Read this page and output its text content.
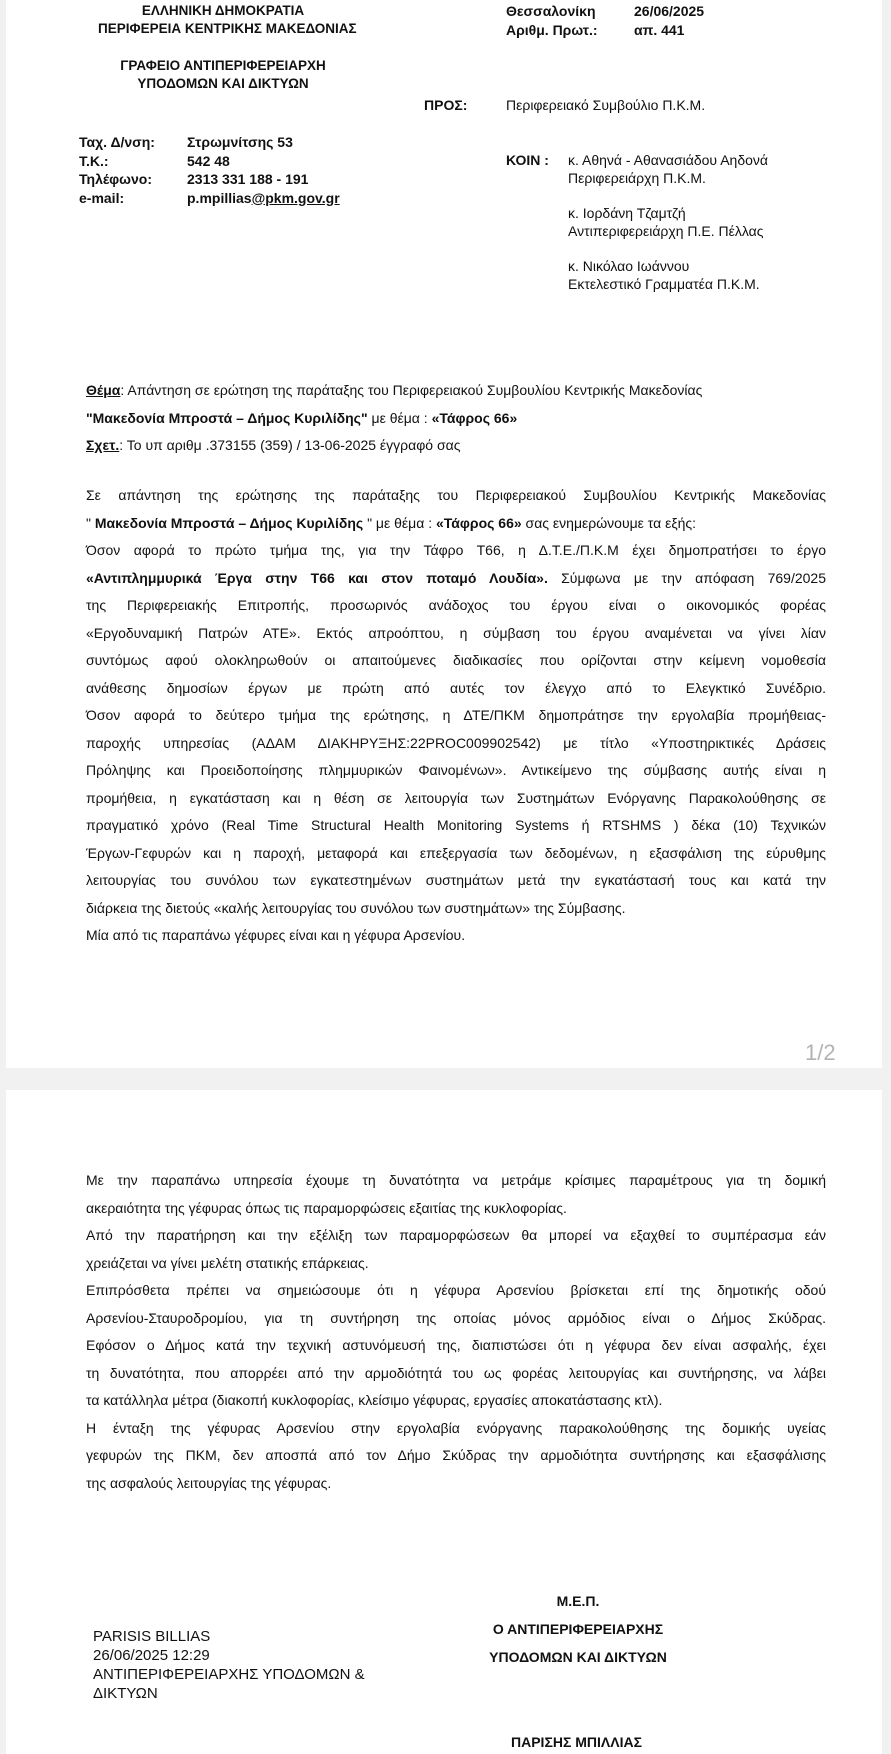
ΕΛΛΗΝΙΚΗ ΔΗΜΟΚΡΑΤΙΑ
ΠΕΡΙΦΕΡΕΙΑ ΚΕΝΤΡΙΚΗΣ ΜΑΚΕΔΟΝΙΑΣ
ΓΡΑΦΕΙΟ ΑΝΤΙΠΕΡΙΦΕΡΕΙΑΡΧΗ
ΥΠΟΔΟΜΩΝ ΚΑΙ ΔΙΚΤΥΩΝ
Θεσσαλονίκη	26/06/2025
Αριθμ. Πρωτ.:	απ. 441
ΠΡΟΣ:	Περιφερειακό Συμβούλιο Π.Κ.Μ.
Ταχ. Δ/νση: Στρωμνίτσης 53
Τ.Κ.:	542 48
Τηλέφωνο: 2313 331 188 - 191
e-mail:	p.mpillias@pkm.gov.gr
ΚΟΙΝ : κ. Αθηνά - Αθανασιάδου Αηδονά
Περιφερειάρχη Π.Κ.Μ.
κ. Ιορδάνη Τζαμτζή
Αντιπεριφερειάρχη Π.Ε. Πέλλας
κ. Νικόλαο Ιωάννου
Εκτελεστικό Γραμματέα Π.Κ.Μ.
Θέμα: Απάντηση σε ερώτηση της παράταξης του Περιφερειακού Συμβουλίου Κεντρικής Μακεδονίας
"Μακεδονία Μπροστά – Δήμος Κυριλίδης" με θέμα : «Τάφρος 66»
Σχετ.: Το υπ αριθμ .373155 (359) / 13-06-2025 έγγραφό σας
Σε απάντηση της ερώτησης της παράταξης του Περιφερειακού Συμβουλίου Κεντρικής Μακεδονίας
" Μακεδονία Μπροστά – Δήμος Κυριλίδης " με θέμα : «Τάφρος 66» σας ενημερώνουμε τα εξής:
Όσον αφορά το πρώτο τμήμα της, για την Τάφρο Τ66, η Δ.Τ.Ε./Π.Κ.Μ έχει δημοπρατήσει το έργο
«Αντιπλημμυρικά Έργα στην Τ66 και στον ποταμό Λουδία». Σύμφωνα με την απόφαση 769/2025
της Περιφερειακής Επιτροπής, προσωρινός ανάδοχος του έργου είναι ο οικονομικός φορέας
«Εργοδυναμική Πατρών ΑΤΕ». Εκτός απροόπτου, η σύμβαση του έργου αναμένεται να γίνει λίαν
συντόμως αφού ολοκληρωθούν οι απαιτούμενες διαδικασίες που ορίζονται στην κείμενη νομοθεσία
ανάθεσης δημοσίων έργων με πρώτη από αυτές τον έλεγχο από το Ελεγκτικό Συνέδριο.
Όσον αφορά το δεύτερο τμήμα της ερώτησης, η ΔΤΕ/ΠΚΜ δημοπράτησε την εργολαβία προμήθειας-
παροχής υπηρεσίας (ΑΔΑΜ ΔΙΑΚΗΡΥΞΗΣ:22PROC009902542) με τίτλο «Υποστηρικτικές Δράσεις
Πρόληψης και Προειδοποίησης πλημμυρικών Φαινομένων». Αντικείμενο της σύμβασης αυτής είναι η
προμήθεια, η εγκατάσταση και η θέση σε λειτουργία των Συστημάτων Ενόργανης Παρακολούθησης σε
πραγματικό χρόνο (Real Time Structural Health Monitoring Systems ή RTSHMS ) δέκα (10) Τεχνικών
Έργων-Γεφυρών και η παροχή, μεταφορά και επεξεργασία των δεδομένων, η εξασφάλιση της εύρυθμης
λειτουργίας του συνόλου των εγκατεστημένων συστημάτων μετά την εγκατάστασή τους και κατά την
διάρκεια της διετούς «καλής λειτουργίας του συνόλου των συστημάτων» της Σύμβασης.
Μία από τις παραπάνω γέφυρες είναι και η γέφυρα Αρσενίου.
1/2
Με την παραπάνω υπηρεσία έχουμε τη δυνατότητα να μετράμε κρίσιμες παραμέτρους για τη δομική
ακεραιότητα της γέφυρας όπως τις παραμορφώσεις εξαιτίας της κυκλοφορίας.
Από την παρατήρηση και την εξέλιξη των παραμορφώσεων θα μπορεί να εξαχθεί το συμπέρασμα εάν
χρειάζεται να γίνει μελέτη στατικής επάρκειας.
Επιπρόσθετα πρέπει να σημειώσουμε ότι η γέφυρα Αρσενίου βρίσκεται επί της δημοτικής οδού
Αρσενίου-Σταυροδρομίου, για τη συντήρηση της οποίας μόνος αρμόδιος είναι ο Δήμος Σκύδρας.
Εφόσον ο Δήμος κατά την τεχνική αστυνόμευσή της, διαπιστώσει ότι η γέφυρα δεν είναι ασφαλής, έχει
τη δυνατότητα, που απορρέει από την αρμοδιότητά του ως φορέας λειτουργίας και συντήρησης, να λάβει
τα κατάλληλα μέτρα (διακοπή κυκλοφορίας, κλείσιμο γέφυρας, εργασίες αποκατάστασης κτλ).
Η ένταξη της γέφυρας Αρσενίου στην εργολαβία ενόργανης παρακολούθησης της δομικής υγείας
γεφυρών της ΠΚΜ, δεν αποσπά από τον Δήμο Σκύδρας την αρμοδιότητα συντήρησης και εξασφάλισης
της ασφαλούς λειτουργίας της γέφυρας.
PARISIS BILLIAS
26/06/2025 12:29
ΑΝΤΙΠΕΡΙΦΕΡΕΙΑΡΧΗΣ ΥΠΟΔΟΜΩΝ &
ΔΙΚΤΥΩΝ
Μ.Ε.Π.
Ο ΑΝΤΙΠΕΡΙΦΕΡΕΙΑΡΧΗΣ
ΥΠΟΔΟΜΩΝ ΚΑΙ ΔΙΚΤΥΩΝ
ΠΑΡΙΣΗΣ ΜΠΙΛΛΙΑΣ
